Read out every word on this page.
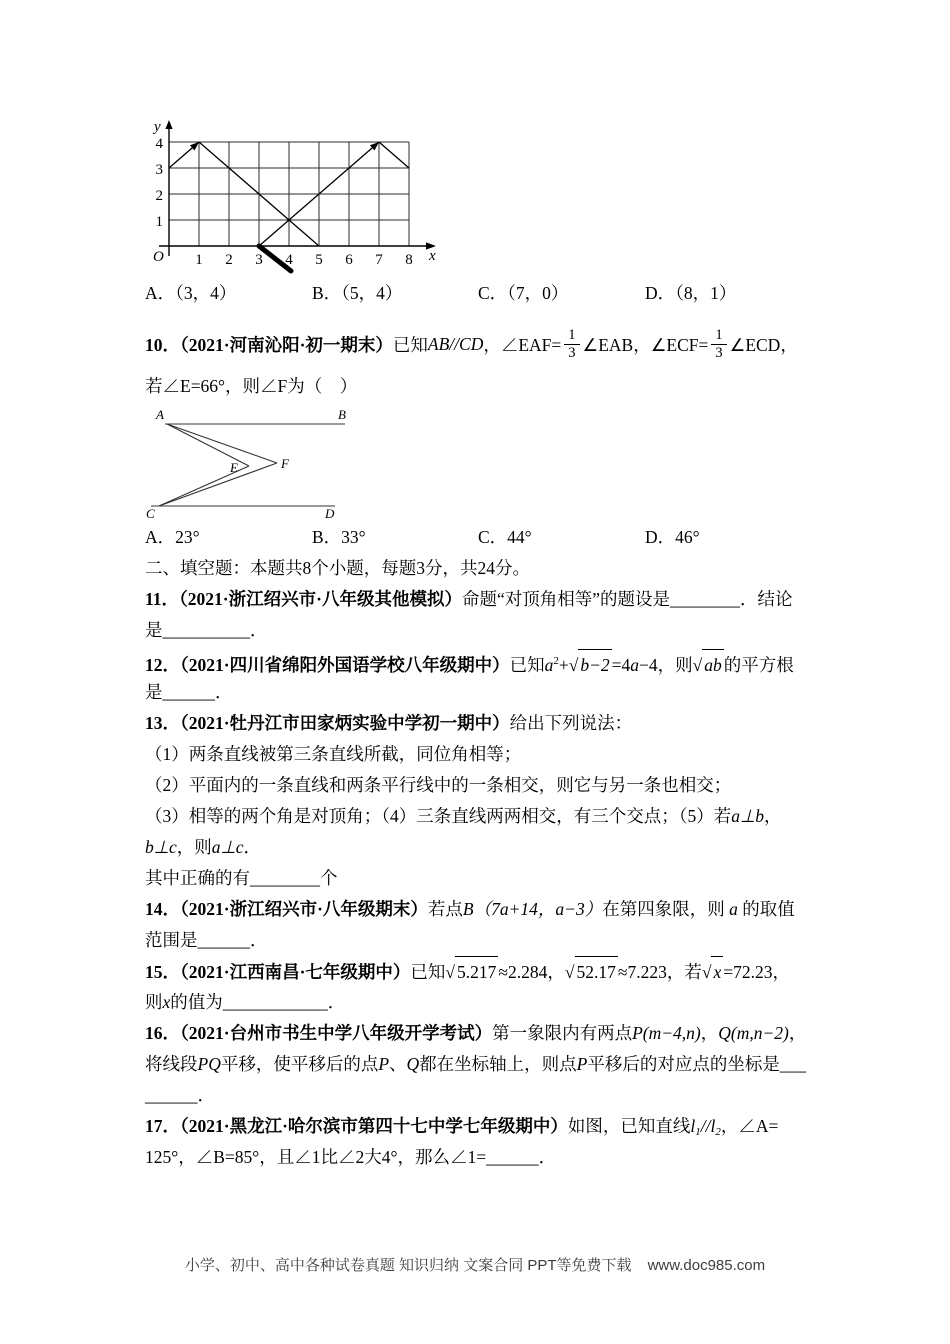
y
x
O
4
3
2
1
1 2 3 4 5 6 7 8
A．（3，4）	B．（5，4）	C．（7，0）	D．（8，1）
10．（2021·河南沁阳·初一期末） 已知 AB//CD ，∠EAF= $\frac{1}{3}$ ∠EAB，∠ECF= $\frac{1}{3}$ ∠ECD，
若∠E=66°，则∠F为（　）
A	B
C	D
E	F
A．23°	B．33°	C．44°	D．46°
二、填空题：本题共8个小题，每题3分，共24分。
11．（2021·浙江绍兴市·八年级其他模拟）命题“对顶角相等”的题设是________．结论
是__________．
12．（2021·四川省绵阳外国语学校八年级期中）已知$a^2+√$ b−2 =4a−4，则√ ab 的平方根
是______．
13．（2021·牡丹江市田家炳实验中学初一期中）给出下列说法：
（1）两条直线被第三条直线所截，同位角相等；
（2）平面内的一条直线和两条平行线中的一条相交，则它与另一条也相交；
（3）相等的两个角是对顶角；（4）三条直线两两相交，有三个交点；（5）若a⊥b，
b⊥c，则a⊥c．
其中正确的有________个
14．（2021·浙江绍兴市·八年级期末）若点B（7a+14，a−3）在第四象限，则 a 的取值
范围是______．
15．（2021·江西南昌·七年级期中）已知√ 5.217 ≈2.284，√ 52.17 ≈7.223，若√ x =72.23，
则x的值为____________．
16．（2021·台州市书生中学八年级开学考试）第一象限内有两点P(m−4,n)，Q(m,n−2)，
将线段PQ平移，使平移后的点P、Q都在坐标轴上，则点P平移后的对应点的坐标是___
______．
17．（2021·黑龙江·哈尔滨市第四十七中学七年级期中）如图，已知直线$l_1//l_2$，∠A=
125°，∠B=85°，且∠1比∠2大4°，那么∠1=______．
小学、初中、高中各种试卷真题 知识归纳 文案合同 PPT等免费下载 www.doc985.com
